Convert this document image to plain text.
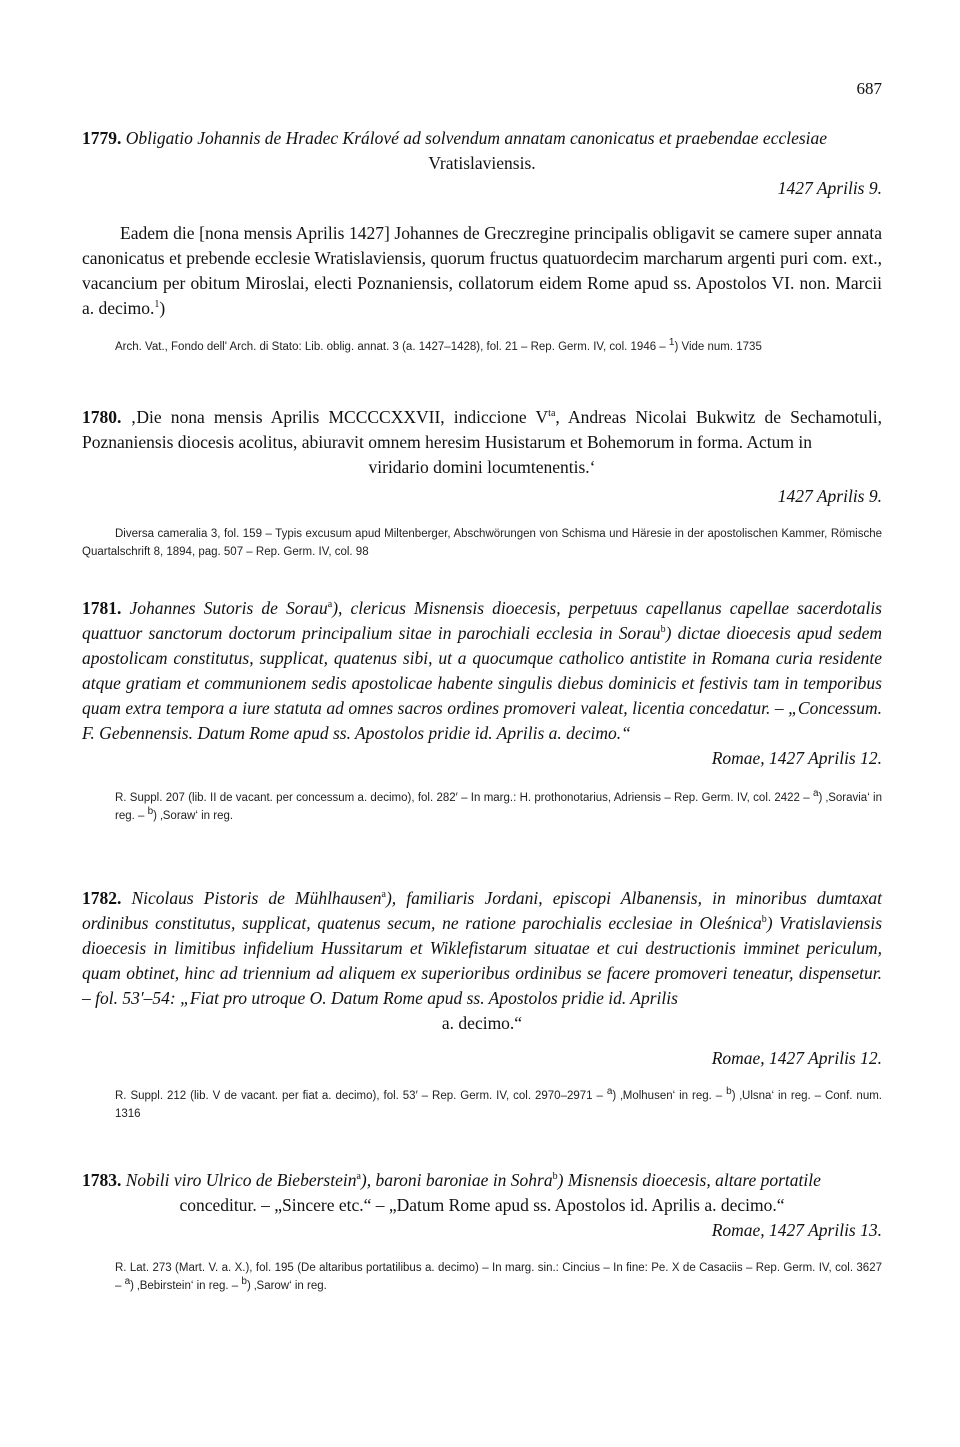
687
1779. Obligatio Johannis de Hradec Králové ad solvendum annatam canonicatus et praebendae ecclesiae
Vratislaviensis.
1427 Aprilis 9.
Eadem die [nona mensis Aprilis 1427] Johannes de Greczregine principalis obligavit se camere super annata canonicatus et prebende ecclesie Wratislaviensis, quorum fructus quatuordecim marcharum argenti puri com. ext., vacancium per obitum Miroslai, electi Poznaniensis, collatorum eidem Rome apud ss. Apostolos VI. non. Marcii a. decimo.$^1$)
Arch. Vat., Fondo dell' Arch. di Stato: Lib. oblig. annat. 3 (a. 1427–1428), fol. 21 – Rep. Germ. IV, col. 1946 – $^1$) Vide num. 1735
1780. ‚Die nona mensis Aprilis MCCCCXXVII, indiccione $V^{ta}$, Andreas Nicolai Bukwitz de Sechamotuli, Poznaniensis diocesis acolitus, abiuravit omnem heresim Husistarum et Bohemorum in forma. Actum in
viridario domini locumtenentis.‘
1427 Aprilis 9.
Diversa cameralia 3, fol. 159 – Typis excusum apud Miltenberger, Abschwörungen von Schisma und Häresie in der apostolischen Kammer, Römische Quartalschrift 8, 1894, pag. 507 – Rep. Germ. IV, col. 98
1781. Johannes Sutoris de Sorau$^a$), clericus Misnensis dioecesis, perpetuus capellanus capellae sacerdotalis quattuor sanctorum doctorum principalium sitae in parochiali ecclesia in Sorau$^b$) dictae dioecesis apud sedem apostolicam constitutus, supplicat, quatenus sibi, ut a quocumque catholico antistite in Romana curia residente atque gratiam et communionem sedis apostolicae habente singulis diebus dominicis et festivis tam in temporibus quam extra tempora a iure statuta ad omnes sacros ordines promoveri valeat, licentia concedatur. – „Concessum. F. Gebennensis. Datum Rome apud ss. Apostolos pridie id. Aprilis a. decimo.“
Romae, 1427 Aprilis 12.
R. Suppl. 207 (lib. II de vacant. per concessum a. decimo), fol. 282′ – In marg.: H. prothonotarius, Adriensis – Rep. Germ. IV, col. 2422 – $^a$) ‚Soravia‘ in reg. – $^b$) ‚Soraw‘ in reg.
1782. Nicolaus Pistoris de Mühlhausen$^a$), familiaris Jordani, episcopi Albanensis, in minoribus dumtaxat ordinibus constitutus, supplicat, quatenus secum, ne ratione parochialis ecclesiae in Oleśnica$^b$) Vratislaviensis dioecesis in limitibus infidelium Hussitarum et Wiklefistarum situatae et cui destructionis imminet periculum, quam obtinet, hinc ad triennium ad aliquem ex superioribus ordinibus se facere promoveri teneatur, dispensetur. – fol. 53′–54: „Fiat pro utroque O. Datum Rome apud ss. Apostolos pridie id. Aprilis
a. decimo.“
Romae, 1427 Aprilis 12.
R. Suppl. 212 (lib. V de vacant. per fiat a. decimo), fol. 53′ – Rep. Germ. IV, col. 2970–2971 – $^a$) ‚Molhusen‘ in reg. – $^b$) ‚Ulsna‘ in reg. – Conf. num. 1316
1783. Nobili viro Ulrico de Bieberstein$^a$), baroni baroniae in Sohra$^b$) Misnensis dioecesis, altare portatile
conceditur. – „Sincere etc.“ – „Datum Rome apud ss. Apostolos id. Aprilis a. decimo.“
Romae, 1427 Aprilis 13.
R. Lat. 273 (Mart. V. a. X.), fol. 195 (De altaribus portatilibus a. decimo) – In marg. sin.: Cincius – In fine: Pe. X de Casaciis – Rep. Germ. IV, col. 3627 – $^a$) ‚Bebirstein‘ in reg. – $^b$) ‚Sarow‘ in reg.
